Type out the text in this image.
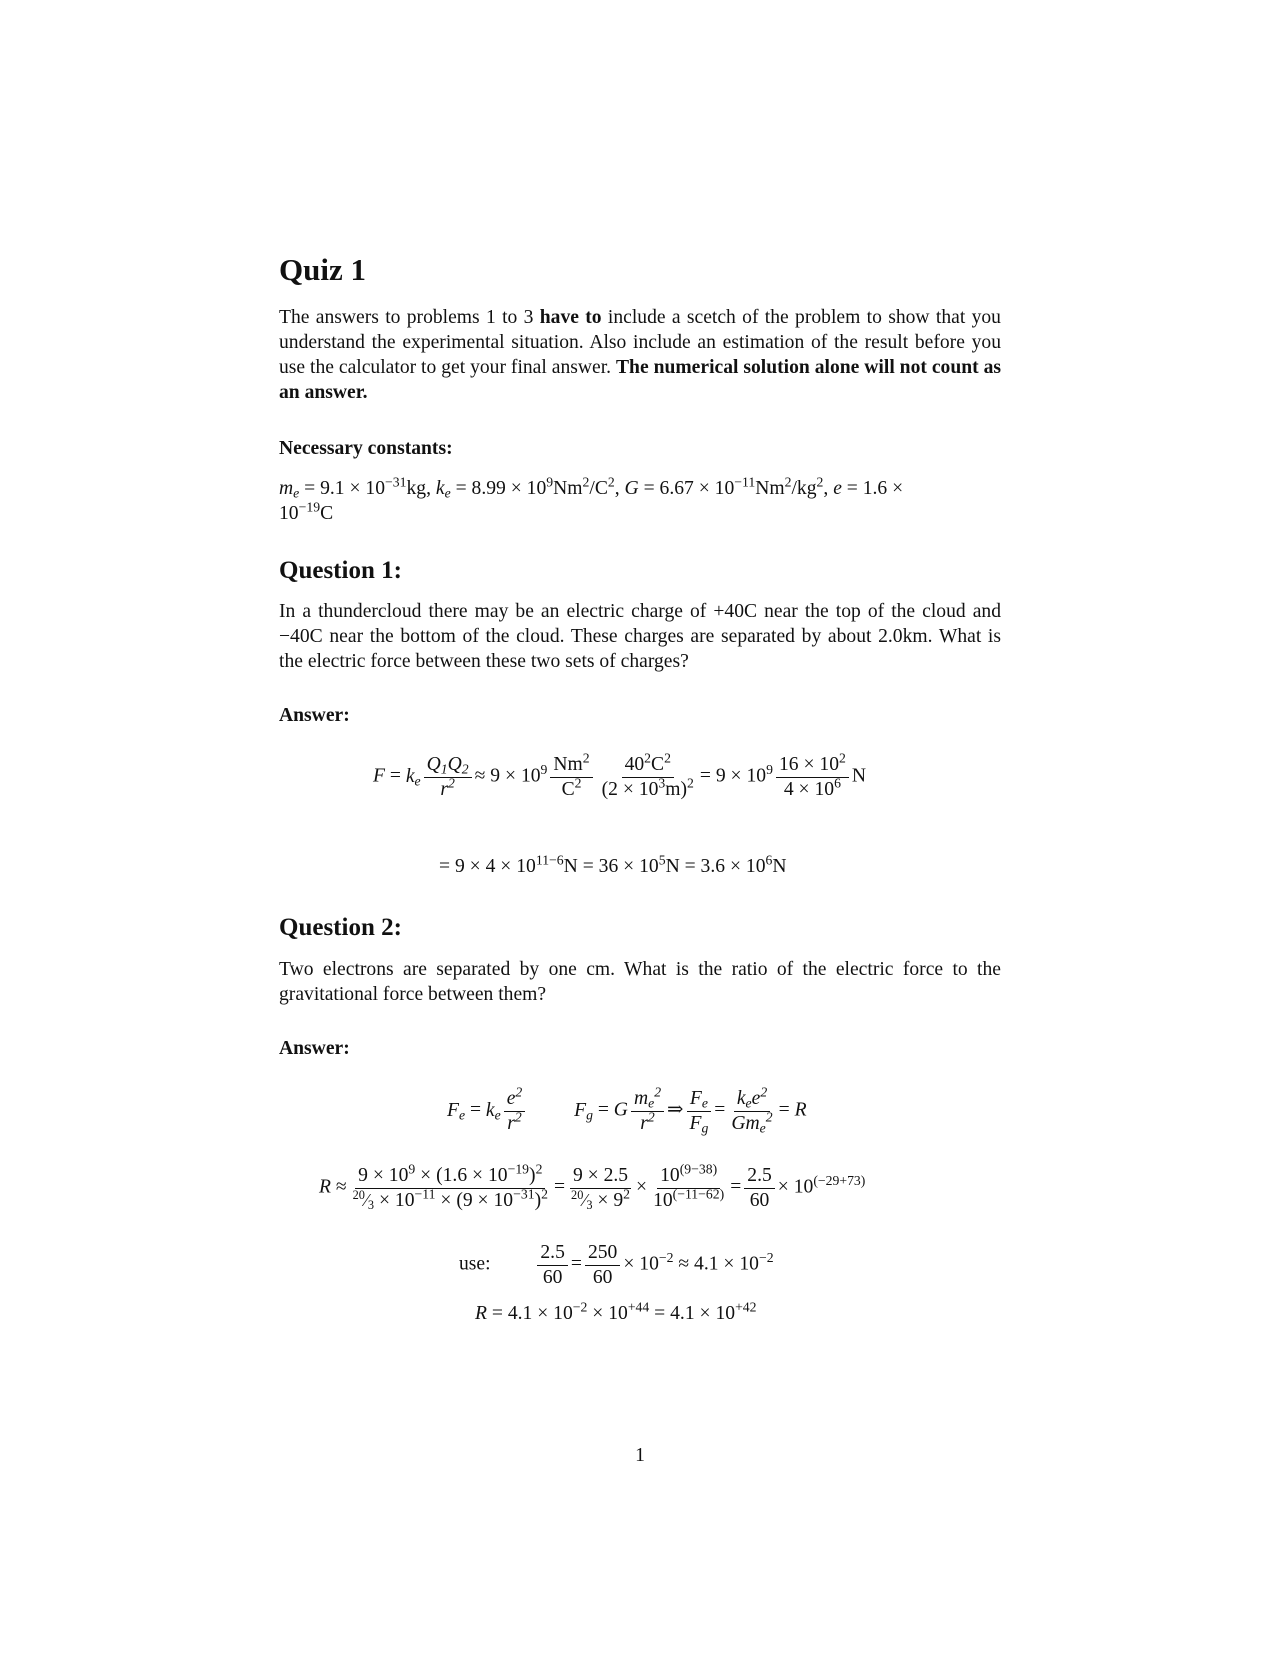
Quiz 1

The answers to problems 1 to 3 have to include a scetch of the problem to show that you understand the experimental situation. Also include an estimation of the result before you use the calculator to get your final answer. The numerical solution alone will not count as an answer.

Necessary constants:

$m_e = 9.1 \times 10^{-31}kg$, $k_e = 8.99 \times 10^9Nm^2/C^2$, $G = 6.67 \times 10^{-11}Nm^2/kg^2$, e = 1.6 ×
$10^{-19}C$
Question 1:

In a thundercloud there may be an electric charge of +40C near the top of the cloud and −40C near the bottom of the cloud. These charges are separated by about 2.0km. What is the electric force between these two sets of charges?

Answer:

$F = k_e \frac{Q_1Q_2}{r^2} \approx 9 \times 10^9 \frac{Nm^2}{C^2} \frac{40^2C^2}{(2 \times 10^3m)^2} = 9 \times 10^9 \frac{16 \times 10^2}{4 \times 10^6}$ N
= $9 \times 4 \times 10^{11-6}N = 36 \times 10^5N = 3.6 \times 10^6N$
Question 2:

Two electrons are separated by one cm. What is the ratio of the electric force to the gravitational force between them?

Answer:

$F_e = k_e \frac{e^2}{r^2} F_g = G \frac{m_e^2}{r^2}$ ⇒ $\frac{F_e}{F_g} = \frac{k_ee^2}{Gm_e^2} = R$
$R \approx \frac{9 \times 10^9 \times (1.6 \times 10^{-19})^2}{^{20}⁄_3 \times 10^{-11} \times (9 \times 10^{-31})^2} = \frac{9 \times 2.5}{^{20}⁄_3 \times 9^2} \times \frac{10^{(9-38)}}{10^{(-11-62)}} = \frac{2.5}{60} \times 10^{(-29+73)}$
use: $\frac{2.5}{60} = \frac{250}{60} \times 10^{-2} \approx 4.1 \times 10^{-2}$
$R = 4.1 \times 10^{-2} \times 10^{+44} = 4.1 \times 10^{+42}$
1
